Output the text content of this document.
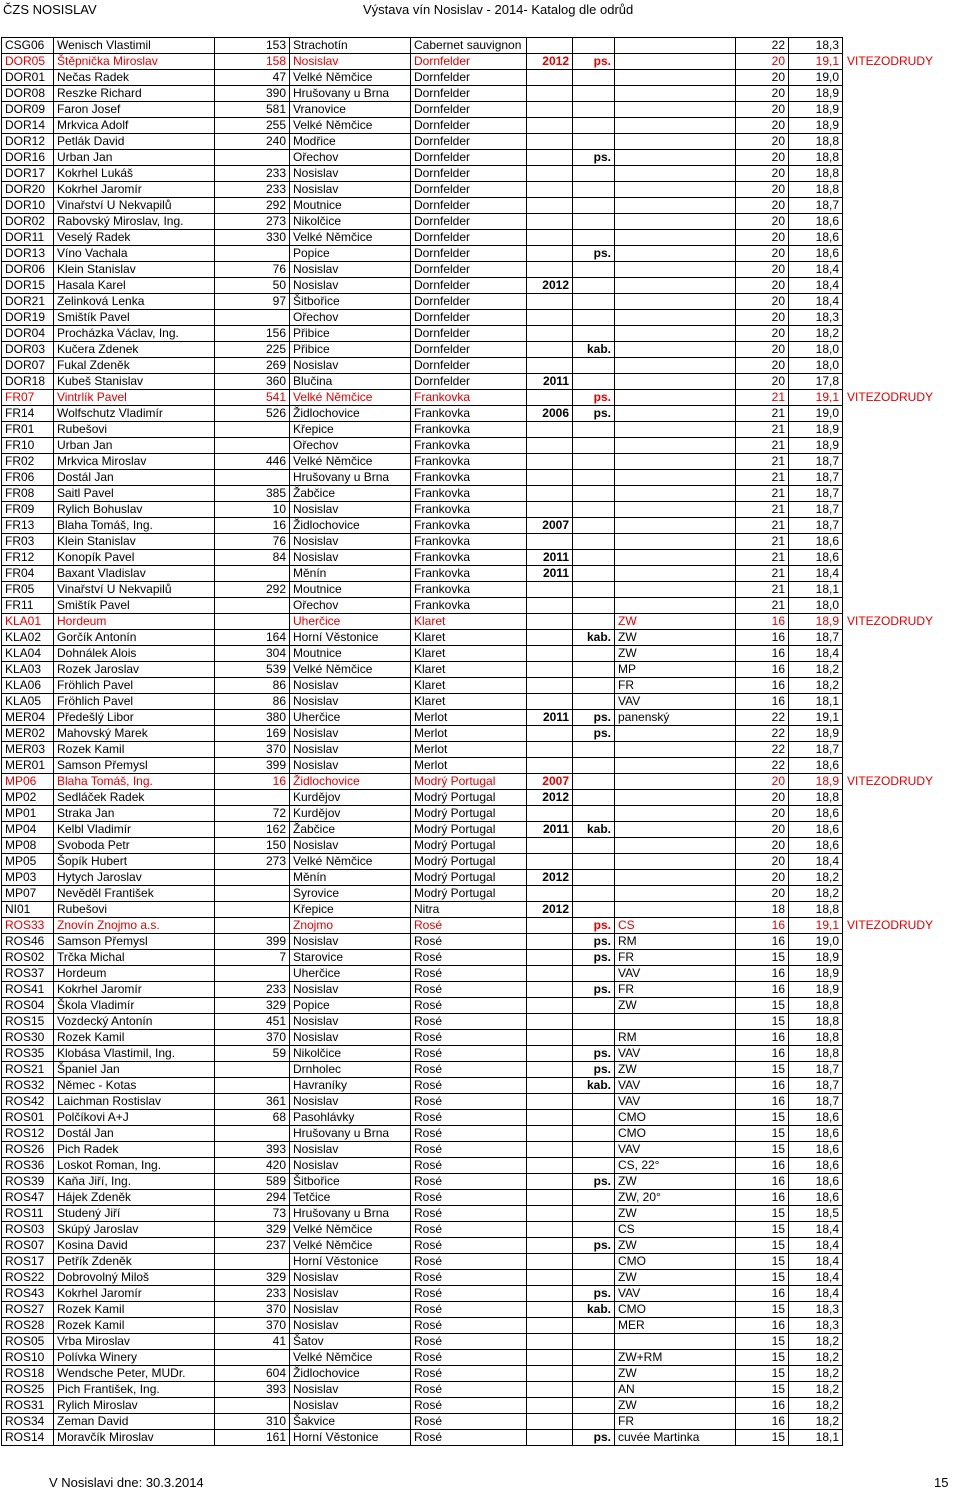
ČZS NOSISLAV	Výstava vín Nosislav - 2014- Katalog dle odrůd
CSG06	Wenisch Vlastimil	153	Strachotín	Cabernet sauvignon				22	18,3	
DOR05	Štěpnička Miroslav	158	Nosislav	Dornfelder	2012	ps.		20	19,1	VITEZODRUDY
DOR01	Nečas Radek	47	Velké Němčice	Dornfelder				20	19,0	
DOR08	Reszke Richard	390	Hrušovany u Brna	Dornfelder				20	18,9	
DOR09	Faron Josef	581	Vranovice	Dornfelder				20	18,9	
DOR14	Mrkvica Adolf	255	Velké Němčice	Dornfelder				20	18,9	
DOR12	Petlák David	240	Modřice	Dornfelder				20	18,8	
DOR16	Urban Jan		Ořechov	Dornfelder		ps.		20	18,8	
DOR17	Kokrhel Lukáš	233	Nosislav	Dornfelder				20	18,8	
DOR20	Kokrhel Jaromír	233	Nosislav	Dornfelder				20	18,8	
DOR10	Vinařství U Nekvapilů	292	Moutnice	Dornfelder				20	18,7	
DOR02	Rabovský Miroslav, Ing.	273	Nikolčice	Dornfelder				20	18,6	
DOR11	Veselý Radek	330	Velké Němčice	Dornfelder				20	18,6	
DOR13	Víno Vachala		Popice	Dornfelder		ps.		20	18,6	
DOR06	Klein Stanislav	76	Nosislav	Dornfelder				20	18,4	
DOR15	Hasala Karel	50	Nosislav	Dornfelder	2012			20	18,4	
DOR21	Zelinková Lenka	97	Šitbořice	Dornfelder				20	18,4	
DOR19	Smištík Pavel		Ořechov	Dornfelder				20	18,3	
DOR04	Procházka Václav, Ing.	156	Přibice	Dornfelder				20	18,2	
DOR03	Kučera Zdenek	225	Přibice	Dornfelder		kab.		20	18,0	
DOR07	Fukal Zdeněk	269	Nosislav	Dornfelder				20	18,0	
DOR18	Kubeš Stanislav	360	Blučina	Dornfelder	2011			20	17,8	
FR07	Vintrlík Pavel	541	Velké Němčice	Frankovka		ps.		21	19,1	VITEZODRUDY
FR14	Wolfschutz Vladimír	526	Židlochovice	Frankovka	2006	ps.		21	19,0	
FR01	Rubešovi		Křepice	Frankovka				21	18,9	
FR10	Urban Jan		Ořechov	Frankovka				21	18,9	
FR02	Mrkvica Miroslav	446	Velké Němčice	Frankovka				21	18,7	
FR06	Dostál Jan		Hrušovany u Brna	Frankovka				21	18,7	
FR08	Saitl Pavel	385	Žabčice	Frankovka				21	18,7	
FR09	Rylich Bohuslav	10	Nosislav	Frankovka				21	18,7	
FR13	Blaha Tomáš, Ing.	16	Židlochovice	Frankovka	2007			21	18,7	
FR03	Klein Stanislav	76	Nosislav	Frankovka				21	18,6	
FR12	Konopík Pavel	84	Nosislav	Frankovka	2011			21	18,6	
FR04	Baxant Vladislav		Měnín	Frankovka	2011			21	18,4	
FR05	Vinařství U Nekvapilů	292	Moutnice	Frankovka				21	18,1	
FR11	Smištík Pavel		Ořechov	Frankovka				21	18,0	
KLA01	Hordeum		Uherčice	Klaret			ZW	16	18,9	VITEZODRUDY
KLA02	Gorčík Antonín	164	Horní Věstonice	Klaret		kab.	ZW	16	18,7	
KLA04	Dohnálek Alois	304	Moutnice	Klaret			ZW	16	18,4	
KLA03	Rozek Jaroslav	539	Velké Němčice	Klaret			MP	16	18,2	
KLA06	Fröhlich Pavel	86	Nosislav	Klaret			FR	16	18,2	
KLA05	Fröhlich Pavel	86	Nosislav	Klaret			VAV	16	18,1	
MER04	Předešlý Libor	380	Uherčice	Merlot	2011	ps.	panenský	22	19,1	
MER02	Mahovský Marek	169	Nosislav	Merlot		ps.		22	18,9	
MER03	Rozek Kamil	370	Nosislav	Merlot				22	18,7	
MER01	Samson Přemysl	399	Nosislav	Merlot				22	18,6	
MP06	Blaha Tomáš, Ing.	16	Židlochovice	Modrý Portugal	2007			20	18,9	VITEZODRUDY
MP02	Sedláček Radek		Kurdějov	Modrý Portugal	2012			20	18,8	
MP01	Straka Jan	72	Kurdějov	Modrý Portugal				20	18,6	
MP04	Kelbl Vladimír	162	Žabčice	Modrý Portugal	2011	kab.		20	18,6	
MP08	Svoboda Petr	150	Nosislav	Modrý Portugal				20	18,6	
MP05	Šopík Hubert	273	Velké Němčice	Modrý Portugal				20	18,4	
MP03	Hytych Jaroslav		Měnín	Modrý Portugal	2012			20	18,2	
MP07	Nevěděl František		Syrovice	Modrý Portugal				20	18,2	
NI01	Rubešovi		Křepice	Nitra	2012			18	18,8	
ROS33	Znovín Znojmo a.s.		Znojmo	Rosé		ps.	CS	16	19,1	VITEZODRUDY
ROS46	Samson Přemysl	399	Nosislav	Rosé		ps.	RM	16	19,0	
ROS02	Trčka Michal	7	Starovice	Rosé		ps.	FR	15	18,9	
ROS37	Hordeum		Uherčice	Rosé			VAV	16	18,9	
ROS41	Kokrhel Jaromír	233	Nosislav	Rosé		ps.	FR	16	18,9	
ROS04	Škola Vladimír	329	Popice	Rosé			ZW	15	18,8	
ROS15	Vozdecký Antonín	451	Nosislav	Rosé				15	18,8	
ROS30	Rozek Kamil	370	Nosislav	Rosé			RM	16	18,8	
ROS35	Klobása Vlastimil, Ing.	59	Nikolčice	Rosé		ps.	VAV	16	18,8	
ROS21	Španiel Jan		Drnholec	Rosé		ps.	ZW	15	18,7	
ROS32	Němec - Kotas		Havraníky	Rosé		kab.	VAV	16	18,7	
ROS42	Laichman Rostislav	361	Nosislav	Rosé			VAV	16	18,7	
ROS01	Polčíkovi A+J	68	Pasohlávky	Rosé			CMO	15	18,6	
ROS12	Dostál Jan		Hrušovany u Brna	Rosé			CMO	15	18,6	
ROS26	Pich Radek	393	Nosislav	Rosé			VAV	15	18,6	
ROS36	Loskot Roman, Ing.	420	Nosislav	Rosé			CS, 22°	16	18,6	
ROS39	Kaňa Jiří, Ing.	589	Šitbořice	Rosé		ps.	ZW	16	18,6	
ROS47	Hájek Zdeněk	294	Tetčice	Rosé			ZW, 20°	16	18,6	
ROS11	Studený Jiří	73	Hrušovany u Brna	Rosé			ZW	15	18,5	
ROS03	Skúpý Jaroslav	329	Velké Němčice	Rosé			CS	15	18,4	
ROS07	Kosina David	237	Velké Němčice	Rosé		ps.	ZW	15	18,4	
ROS17	Petřík Zdeněk		Horní Věstonice	Rosé			CMO	15	18,4	
ROS22	Dobrovolný Miloš	329	Nosislav	Rosé			ZW	15	18,4	
ROS43	Kokrhel Jaromír	233	Nosislav	Rosé		ps.	VAV	16	18,4	
ROS27	Rozek Kamil	370	Nosislav	Rosé		kab.	CMO	15	18,3	
ROS28	Rozek Kamil	370	Nosislav	Rosé			MER	16	18,3	
ROS05	Vrba Miroslav	41	Šatov	Rosé				15	18,2	
ROS10	Polívka Winery		Velké Němčice	Rosé			ZW+RM	15	18,2	
ROS18	Wendsche Peter, MUDr.	604	Židlochovice	Rosé			ZW	15	18,2	
ROS25	Pich František, Ing.	393	Nosislav	Rosé			AN	15	18,2	
ROS31	Rylich Miroslav		Nosislav	Rosé			ZW	16	18,2	
ROS34	Zeman David	310	Šakvice	Rosé			FR	16	18,2	
ROS14	Moravčík Miroslav	161	Horní Věstonice	Rosé		ps.	cuvée Martinka	15	18,1	
V Nosislavi dne: 30.3.2014	15
